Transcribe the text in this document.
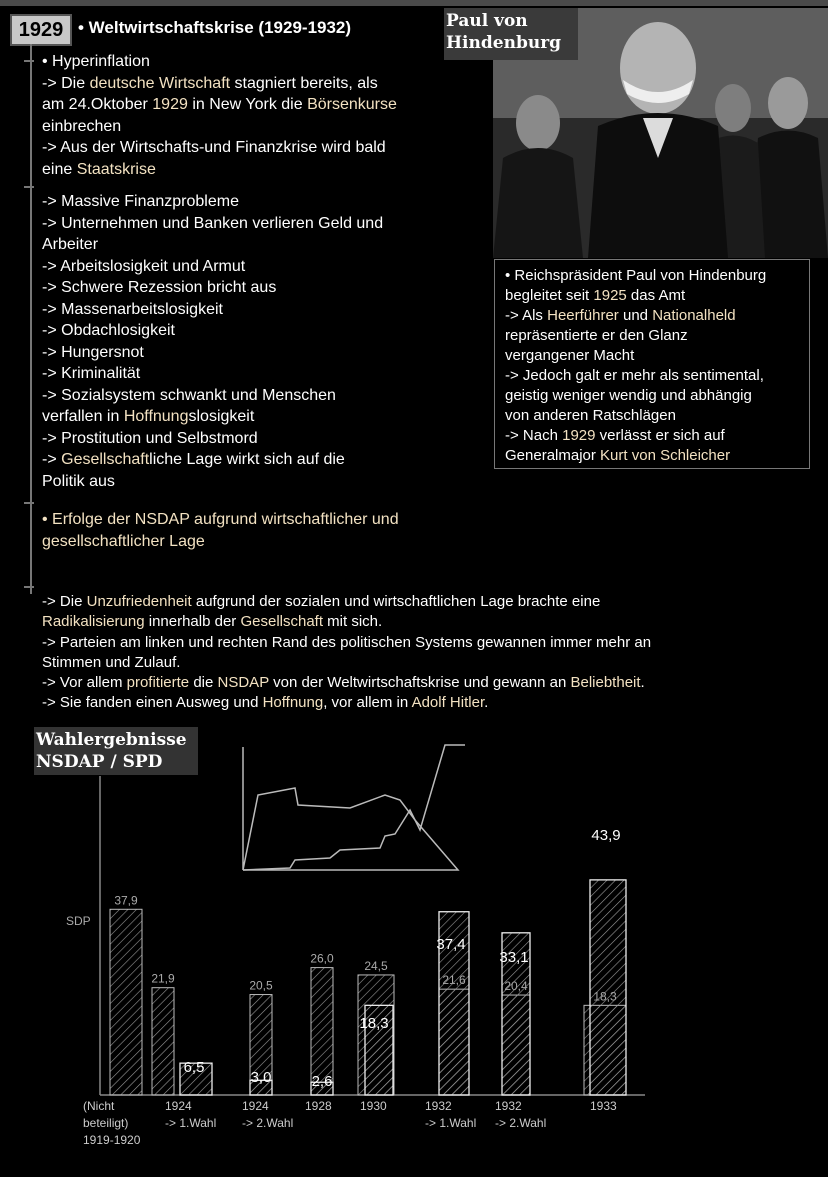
1929 • Weltwirtschaftskrise (1929-1932)

• Hyperinflation

-> Die deutsche Wirtschaft stagniert bereits, als

am 24.Oktober 1929 in New York die Börsenkurse

einbrechen

-> Aus der Wirtschafts-und Finanzkrise wird bald

eine Staatskrise

-> Massive Finanzprobleme

-> Unternehmen und Banken verlieren Geld und

Arbeiter

-> Arbeitslosigkeit und Armut

-> Schwere Rezession bricht aus

-> Massenarbeitslosigkeit

-> Obdachlosigkeit

-> Hungersnot

-> Kriminalität

-> Sozialsystem schwankt und Menschen

verfallen in Hoffnungslosigkeit

-> Prostitution und Selbstmord

-> Gesellschaftliche Lage wirkt sich auf die

Politik aus

• Erfolge der NSDAP aufgrund wirtschaftlicher und

gesellschaftlicher Lage

Paul von
Hindenburg

• Reichspräsident Paul von Hindenburg

begleitet seit 1925 das Amt

-> Als Heerführer und Nationalheld

repräsentierte er den Glanz

vergangener Macht

-> Jedoch galt er mehr als sentimental,

geistig weniger wendig und abhängig

von anderen Ratschlägen

-> Nach 1929 verlässt er sich auf

Generalmajor Kurt von Schleicher

-> Die Unzufriedenheit aufgrund der sozialen und wirtschaftlichen Lage brachte eine

Radikalisierung innerhalb der Gesellschaft mit sich.

-> Parteien am linken und rechten Rand des politischen Systems gewannen immer mehr an

Stimmen und Zulauf.

-> Vor allem profitierte die NSDAP von der Weltwirtschaftskrise und gewann an Beliebtheit.

-> Sie fanden einen Ausweg und Hoffnung, vor allem in Adolf Hitler.

37,9
21,9	20,5
26,0
24,5
6,5
3,0	2,6
18,3
37,4
33,1
43,9
SDP
(Nicht
beteiligt)
1919-1920
1924
-> 1.Wahl
1924
-> 2.Wahl
1928 1930	1932
-> 1.Wahl
1932
-> 2.Wahl
1933
Wahlergebnisse
NSDAP / SPD
